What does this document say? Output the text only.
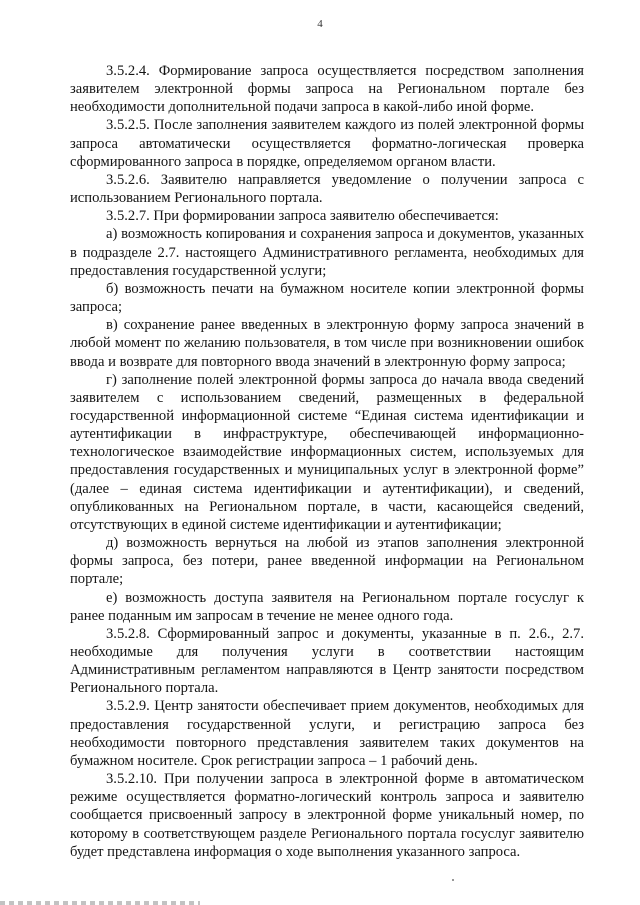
4

3.5.2.4. Формирование запроса осуществляется посредством заполнения заявителем электронной формы запроса на Региональном портале без необходимости дополнительной подачи запроса в какой-либо иной форме.

3.5.2.5. После заполнения заявителем каждого из полей электронной формы запроса автоматически осуществляется форматно-логическая проверка сформированного запроса в порядке, определяемом органом власти.

3.5.2.6. Заявителю направляется уведомление о получении запроса с использованием Регионального портала.

3.5.2.7. При формировании запроса заявителю обеспечивается:

а) возможность копирования и сохранения запроса и документов, указанных в подразделе 2.7. настоящего Административного регламента, необходимых для предоставления государственной услуги;

б) возможность печати на бумажном носителе копии электронной формы запроса;

в) сохранение ранее введенных в электронную форму запроса значений в любой момент по желанию пользователя, в том числе при возникновении ошибок ввода и возврате для повторного ввода значений в электронную форму запроса;

г) заполнение полей электронной формы запроса до начала ввода сведений заявителем с использованием сведений, размещенных в федеральной государственной информационной системе “Единая система идентификации и аутентификации в инфраструктуре, обеспечивающей информационно-технологическое взаимодействие информационных систем, используемых для предоставления государственных и муниципальных услуг в электронной форме” (далее – единая система идентификации и аутентификации), и сведений, опубликованных на Региональном портале, в части, касающейся сведений, отсутствующих в единой системе идентификации и аутентификации;

д) возможность вернуться на любой из этапов заполнения электронной формы запроса, без потери, ранее введенной информации на Региональном портале;

е) возможность доступа заявителя на Региональном портале госуслуг к ранее поданным им запросам в течение не менее одного года.

3.5.2.8. Сформированный запрос и документы, указанные в п. 2.6., 2.7. необходимые для получения услуги в соответствии настоящим Административным регламентом направляются в Центр занятости посредством Регионального портала.

3.5.2.9. Центр занятости обеспечивает прием документов, необходимых для предоставления государственной услуги, и регистрацию запроса без необходимости повторного представления заявителем таких документов на бумажном носителе. Срок регистрации запроса – 1 рабочий день.

3.5.2.10. При получении запроса в электронной форме в автоматическом режиме осуществляется форматно-логический контроль запроса и заявителю сообщается присвоенный запросу в электронной форме уникальный номер, по которому в соответствующем разделе Регионального портала госуслуг заявителю будет представлена информация о ходе выполнения указанного запроса.
